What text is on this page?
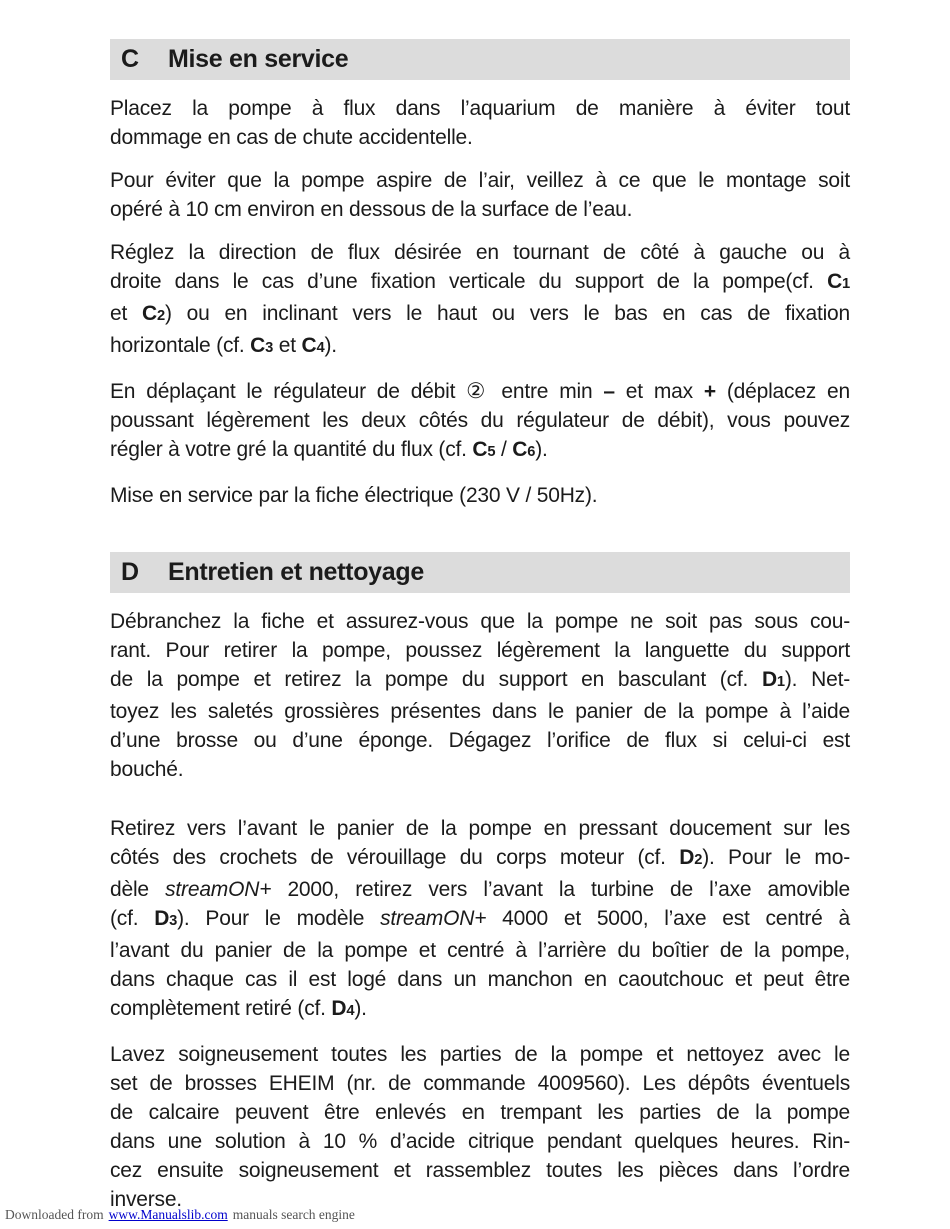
C	Mise en service
Placez la pompe à flux dans l’aquarium de manière à éviter tout
dommage en cas de chute accidentelle.
Pour éviter que la pompe aspire de l’air, veillez à ce que le montage soit
opéré à 10 cm environ en dessous de la surface de l’eau.
Réglez la direction de flux désirée en tournant de côté à gauche ou à
droite dans le cas d’une fixation verticale du support de la pompe(cf. C1
et C2) ou en inclinant vers le haut ou vers le bas en cas de fixation
horizontale (cf. C3 et C4).
En déplaçant le régulateur de débit ② entre min – et max + (déplacez en
poussant légèrement les deux côtés du régulateur de débit), vous pouvez
régler à votre gré la quantité du flux (cf. C5 / C6).
Mise en service par la fiche électrique (230 V / 50Hz).
D	Entretien et nettoyage
Débranchez la fiche et assurez-vous que la pompe ne soit pas sous cou-
rant. Pour retirer la pompe, poussez légèrement la languette du support
de la pompe et retirez la pompe du support en basculant (cf. D1). Net-
toyez les saletés grossières présentes dans le panier de la pompe à l’aide
d’une brosse ou d’une éponge. Dégagez l’orifice de flux si celui-ci est
bouché.
Retirez vers l’avant le panier de la pompe en pressant doucement sur les
côtés des crochets de vérouillage du corps moteur (cf. D2). Pour le mo-
dèle streamON+ 2000, retirez vers l’avant la turbine de l’axe amovible
(cf. D3). Pour le modèle streamON+ 4000 et 5000, l’axe est centré à
l’avant du panier de la pompe et centré à l’arrière du boîtier de la pompe,
dans chaque cas il est logé dans un manchon en caoutchouc et peut être
complètement retiré (cf. D4).
Lavez soigneusement toutes les parties de la pompe et nettoyez avec le
set de brosses EHEIM (nr. de commande 4009560). Les dépôts éventuels
de calcaire peuvent être enlevés en trempant les parties de la pompe
dans une solution à 10 % d’acide citrique pendant quelques heures. Rin-
cez ensuite soigneusement et rassemblez toutes les pièces dans l’ordre
inverse.
Downloaded from www.Manualslib.com manuals search engine
